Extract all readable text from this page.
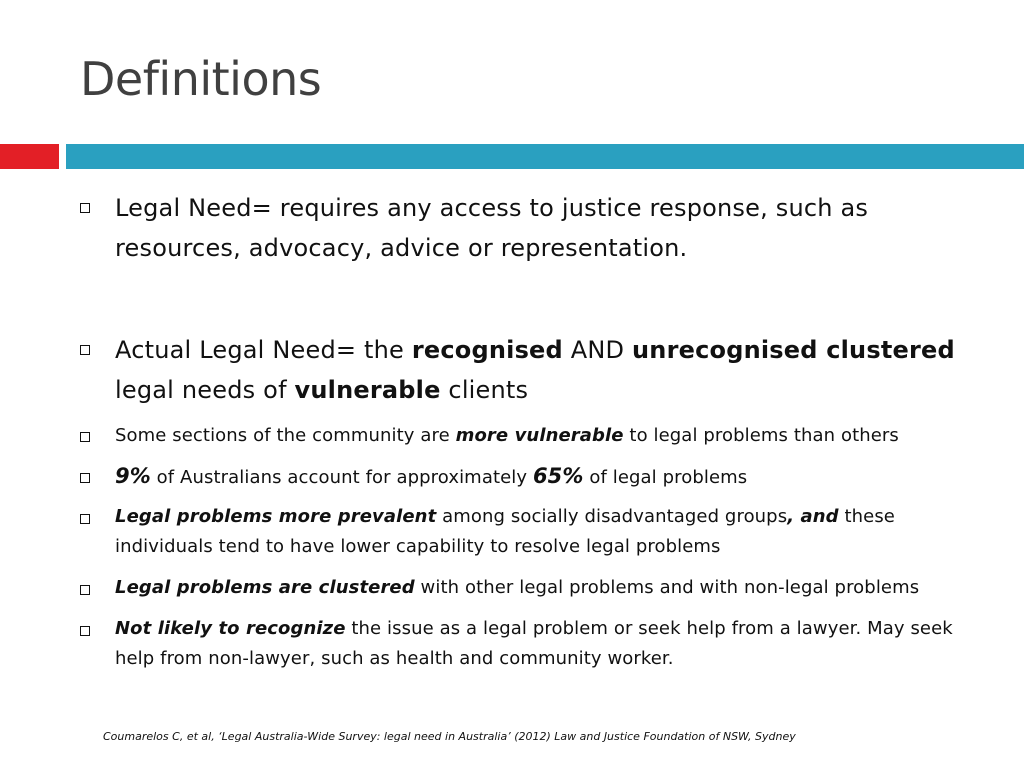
Definitions
Legal Need= requires any access to justice response, such as resources, advocacy, advice or representation.
Actual Legal Need= the recognised AND unrecognised clustered legal needs of vulnerable clients
Some sections of the community are more vulnerable to legal problems than others
9% of Australians account for approximately 65% of legal problems
Legal problems more prevalent among socially disadvantaged groups, and these individuals tend to have lower capability to resolve legal problems
Legal problems are clustered with other legal problems and with non-legal problems
Not likely to recognize the issue as a legal problem or seek help from a lawyer. May seek help from non-lawyer, such as health and community worker.
Coumarelos C, et al, ‘Legal Australia-Wide Survey: legal need in Australia’ (2012) Law and Justice Foundation of NSW, Sydney
